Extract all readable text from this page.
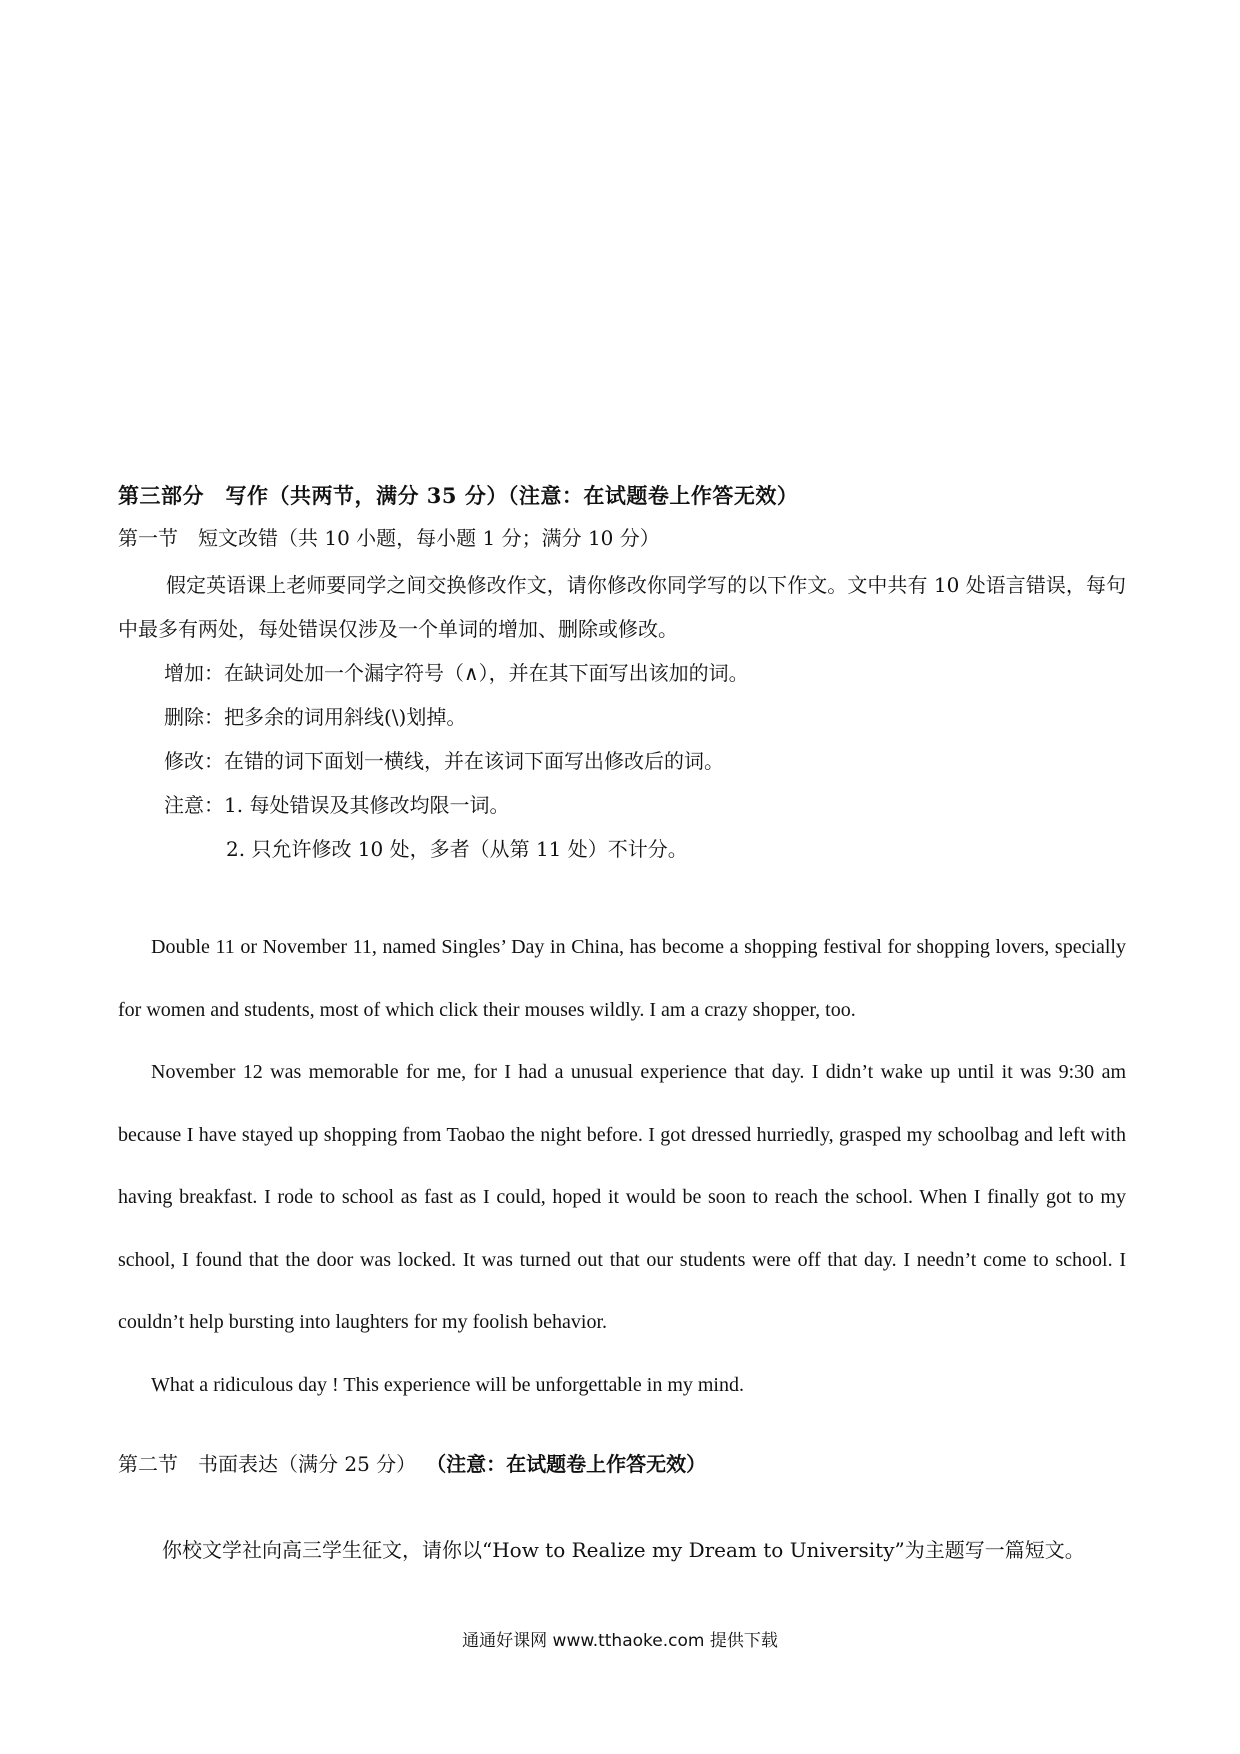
第三部分　写作（共两节，满分 35 分）（注意：在试题卷上作答无效）
第一节　短文改错（共 10 小题，每小题 1 分；满分 10 分）

假定英语课上老师要同学之间交换修改作文，请你修改你同学写的以下作文。文中共有 10 处语言错误，每句中最多有两处，每处错误仅涉及一个单词的增加、删除或修改。

增加：在缺词处加一个漏字符号（∧），并在其下面写出该加的词。

删除：把多余的词用斜线(\)划掉。

修改：在错的词下面划一横线，并在该词下面写出修改后的词。

注意：1. 每处错误及其修改均限一词。

2. 只允许修改 10 处，多者（从第 11 处）不计分。

Double 11 or November 11, named Singles’ Day in China, has become a shopping festival for shopping lovers, specially for women and students, most of which click their mouses wildly. I am a crazy shopper, too.

November 12 was memorable for me, for I had a unusual experience that day. I didn’t wake up until it was 9:30 am because I have stayed up shopping from Taobao the night before. I got dressed hurriedly, grasped my schoolbag and left with having breakfast. I rode to school as fast as I could, hoped it would be soon to reach the school. When I finally got to my school, I found that the door was locked. It was turned out that our students were off that day. I needn’t come to school. I couldn’t help bursting into laughters for my foolish behavior.

What a ridiculous day ! This experience will be unforgettable in my mind.

第二节　书面表达（满分 25 分） （注意：在试题卷上作答无效）
你校文学社向高三学生征文，请你以“How to Realize my Dream to University”为主题写一篇短文。
通通好课网 www.tthaoke.com 提供下载
